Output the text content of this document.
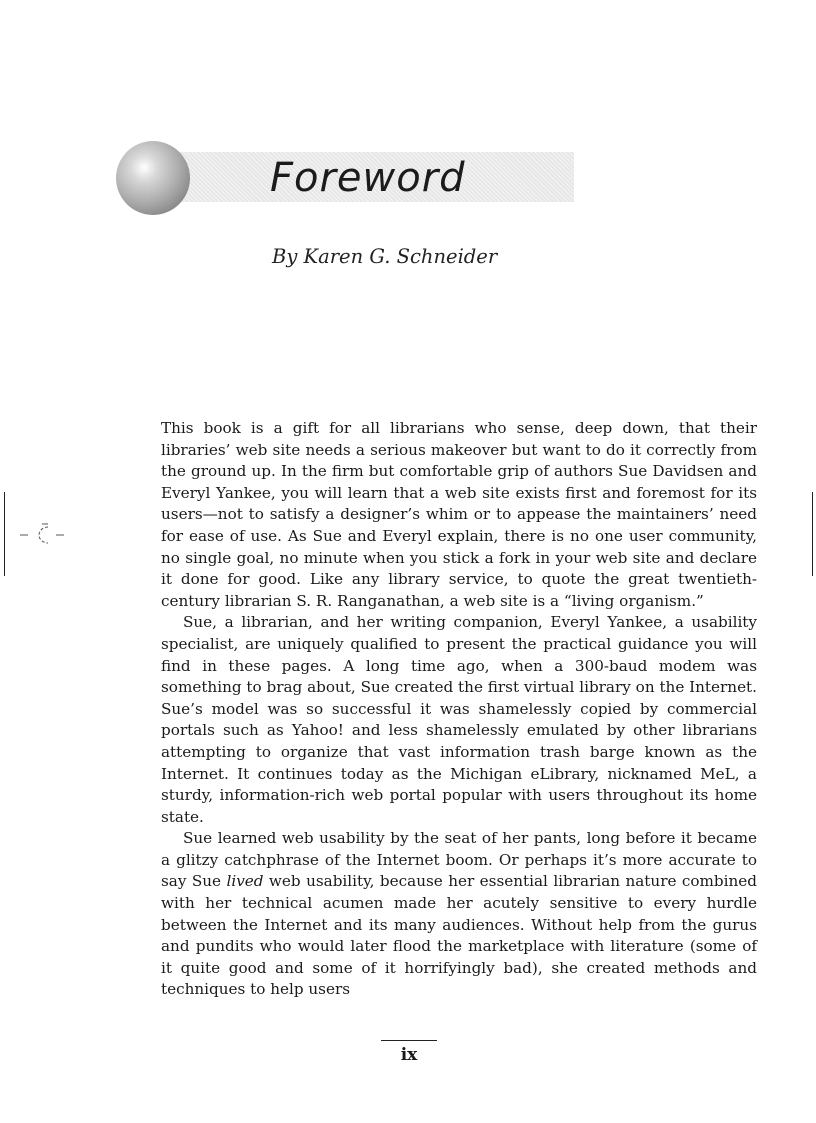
Foreword

By Karen G. Schneider

This book is a gift for all librarians who sense, deep down, that their libraries’ web site needs a serious makeover but want to do it correctly from the ground up. In the firm but comfortable grip of authors Sue Davidsen and Everyl Yankee, you will learn that a web site exists first and foremost for its users—not to satisfy a designer’s whim or to appease the maintainers’ need for ease of use. As Sue and Everyl explain, there is no one user community, no single goal, no minute when you stick a fork in your web site and declare it done for good. Like any library service, to quote the great twentieth-century librarian S. R. Ranganathan, a web site is a “living organism.”

Sue, a librarian, and her writing companion, Everyl Yankee, a usability specialist, are uniquely qualified to present the practical guidance you will find in these pages. A long time ago, when a 300-baud modem was something to brag about, Sue created the first virtual library on the Internet. Sue’s model was so successful it was shamelessly copied by commercial portals such as Yahoo! and less shamelessly emulated by other librarians attempting to organize that vast information trash barge known as the Internet. It continues today as the Michigan eLibrary, nicknamed MeL, a sturdy, information-rich web portal popular with users throughout its home state.

Sue learned web usability by the seat of her pants, long before it became a glitzy catchphrase of the Internet boom. Or perhaps it’s more accurate to say Sue lived web usability, because her essential librarian nature combined with her technical acumen made her acutely sensitive to every hurdle between the Internet and its many audiences. Without help from the gurus and pundits who would later flood the marketplace with literature (some of it quite good and some of it horrifyingly bad), she created methods and techniques to help users

ix
